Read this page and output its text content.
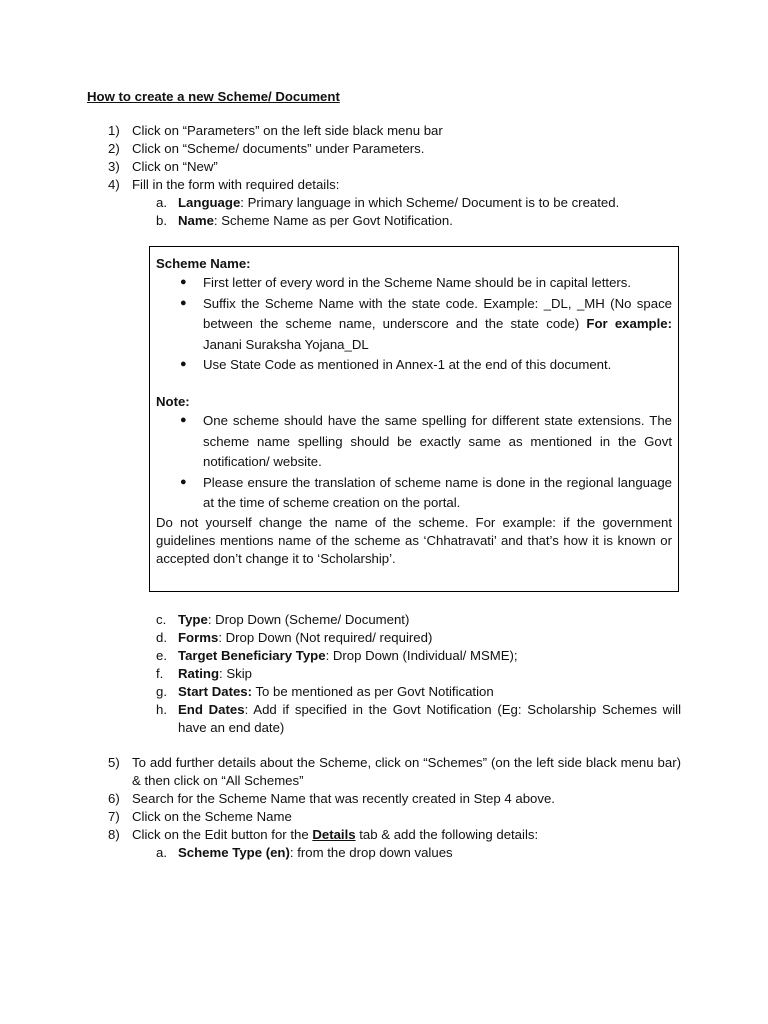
How to create a new Scheme/ Document
1) Click on “Parameters” on the left side black menu bar
2) Click on “Scheme/ documents” under Parameters.
3) Click on “New”
4) Fill in the form with required details:
a. Language: Primary language in which Scheme/ Document is to be created.
b. Name: Scheme Name as per Govt Notification.
Scheme Name:
● First letter of every word in the Scheme Name should be in capital letters.
● Suffix the Scheme Name with the state code. Example: _DL, _MH (No space between the scheme name, underscore and the state code) For example: Janani Suraksha Yojana_DL
● Use State Code as mentioned in Annex-1 at the end of this document.
Note:
● One scheme should have the same spelling for different state extensions. The scheme name spelling should be exactly same as mentioned in the Govt notification/ website.
● Please ensure the translation of scheme name is done in the regional language at the time of scheme creation on the portal.
Do not yourself change the name of the scheme. For example: if the government guidelines mentions name of the scheme as ‘Chhatravati’ and that’s how it is known or accepted don’t change it to ‘Scholarship’.
c. Type: Drop Down (Scheme/ Document)
d. Forms: Drop Down (Not required/ required)
e. Target Beneficiary Type: Drop Down (Individual/ MSME);
f. Rating: Skip
g. Start Dates: To be mentioned as per Govt Notification
h. End Dates: Add if specified in the Govt Notification (Eg: Scholarship Schemes will have an end date)
5) To add further details about the Scheme, click on “Schemes” (on the left side black menu bar) & then click on “All Schemes”
6) Search for the Scheme Name that was recently created in Step 4 above.
7) Click on the Scheme Name
8) Click on the Edit button for the Details tab & add the following details:
a. Scheme Type (en): from the drop down values
